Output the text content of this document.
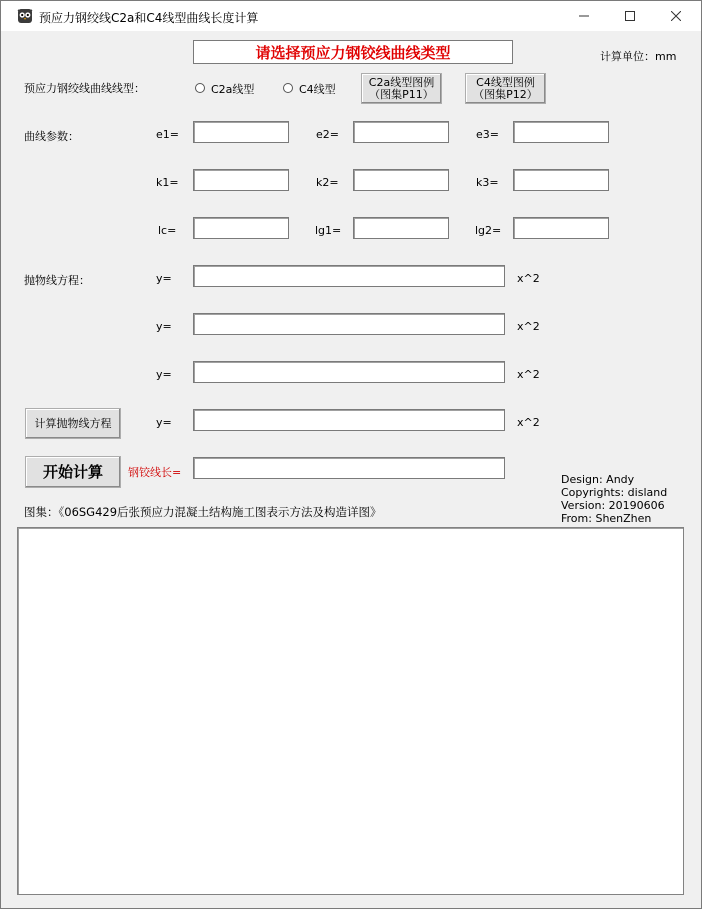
预应力钢绞线C2a和C4线型曲线长度计算
请选择预应力钢铰线曲线类型	计算单位：mm
预应力钢绞线曲线线型：	C2a线型	C4线型
C2a线型图例（图集P11）
C4线型图例（图集P12）
曲线参数：	e1=	e2=	e3=
k1=	k2=	k3=
lc=	lg1=	lg2=
抛物线方程：	y=	x^2
y=	x^2
y=	x^2
计算抛物线方程	y=	x^2
开始计算	钢铰线长=
Design: Andy
Copyrights: disland
Version: 20190606
From: ShenZhen
图集：《06SG429后张预应力混凝土结构施工图表示方法及构造详图》
